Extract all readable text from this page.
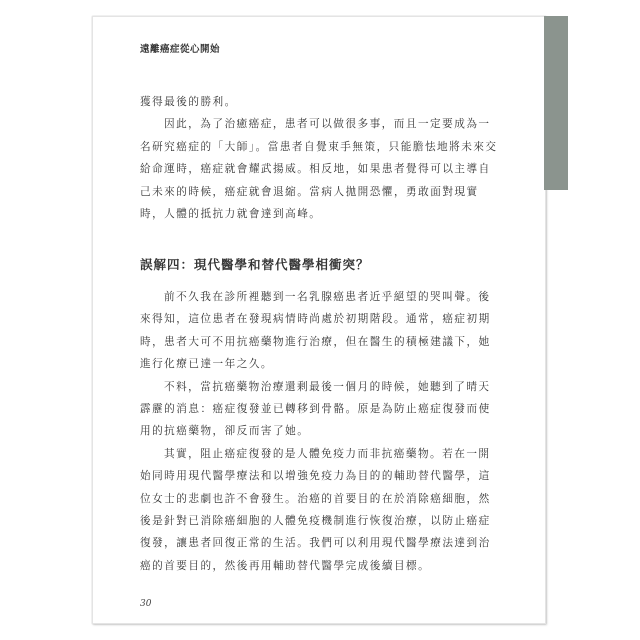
遠離癌症從心開始

獲得最後的勝利。

因此，為了治癒癌症，患者可以做很多事，而且一定要成為一名研究癌症的「大師」。當患者自覺束手無策，只能膽怯地將未來交給命運時，癌症就會耀武揚威。相反地，如果患者覺得可以主導自己未來的時候，癌症就會退縮。當病人拋開恐懼，勇敢面對現實時，人體的抵抗力就會達到高峰。

誤解四：現代醫學和替代醫學相衝突？

前不久我在診所裡聽到一名乳腺癌患者近乎絕望的哭叫聲。後來得知，這位患者在發現病情時尚處於初期階段。通常，癌症初期時，患者大可不用抗癌藥物進行治療，但在醫生的積極建議下，她進行化療已達一年之久。

不料，當抗癌藥物治療還剩最後一個月的時候，她聽到了晴天霹靂的消息：癌症復發並已轉移到骨骼。原是為防止癌症復發而使用的抗癌藥物，卻反而害了她。

其實，阻止癌症復發的是人體免疫力而非抗癌藥物。若在一開始同時用現代醫學療法和以增強免疫力為目的的輔助替代醫學，這位女士的悲劇也許不會發生。治癌的首要目的在於消除癌細胞，然後是針對已消除癌細胞的人體免疫機制進行恢復治療，以防止癌症復發，讓患者回復正常的生活。我們可以利用現代醫學療法達到治癌的首要目的，然後再用輔助替代醫學完成後續目標。

30
